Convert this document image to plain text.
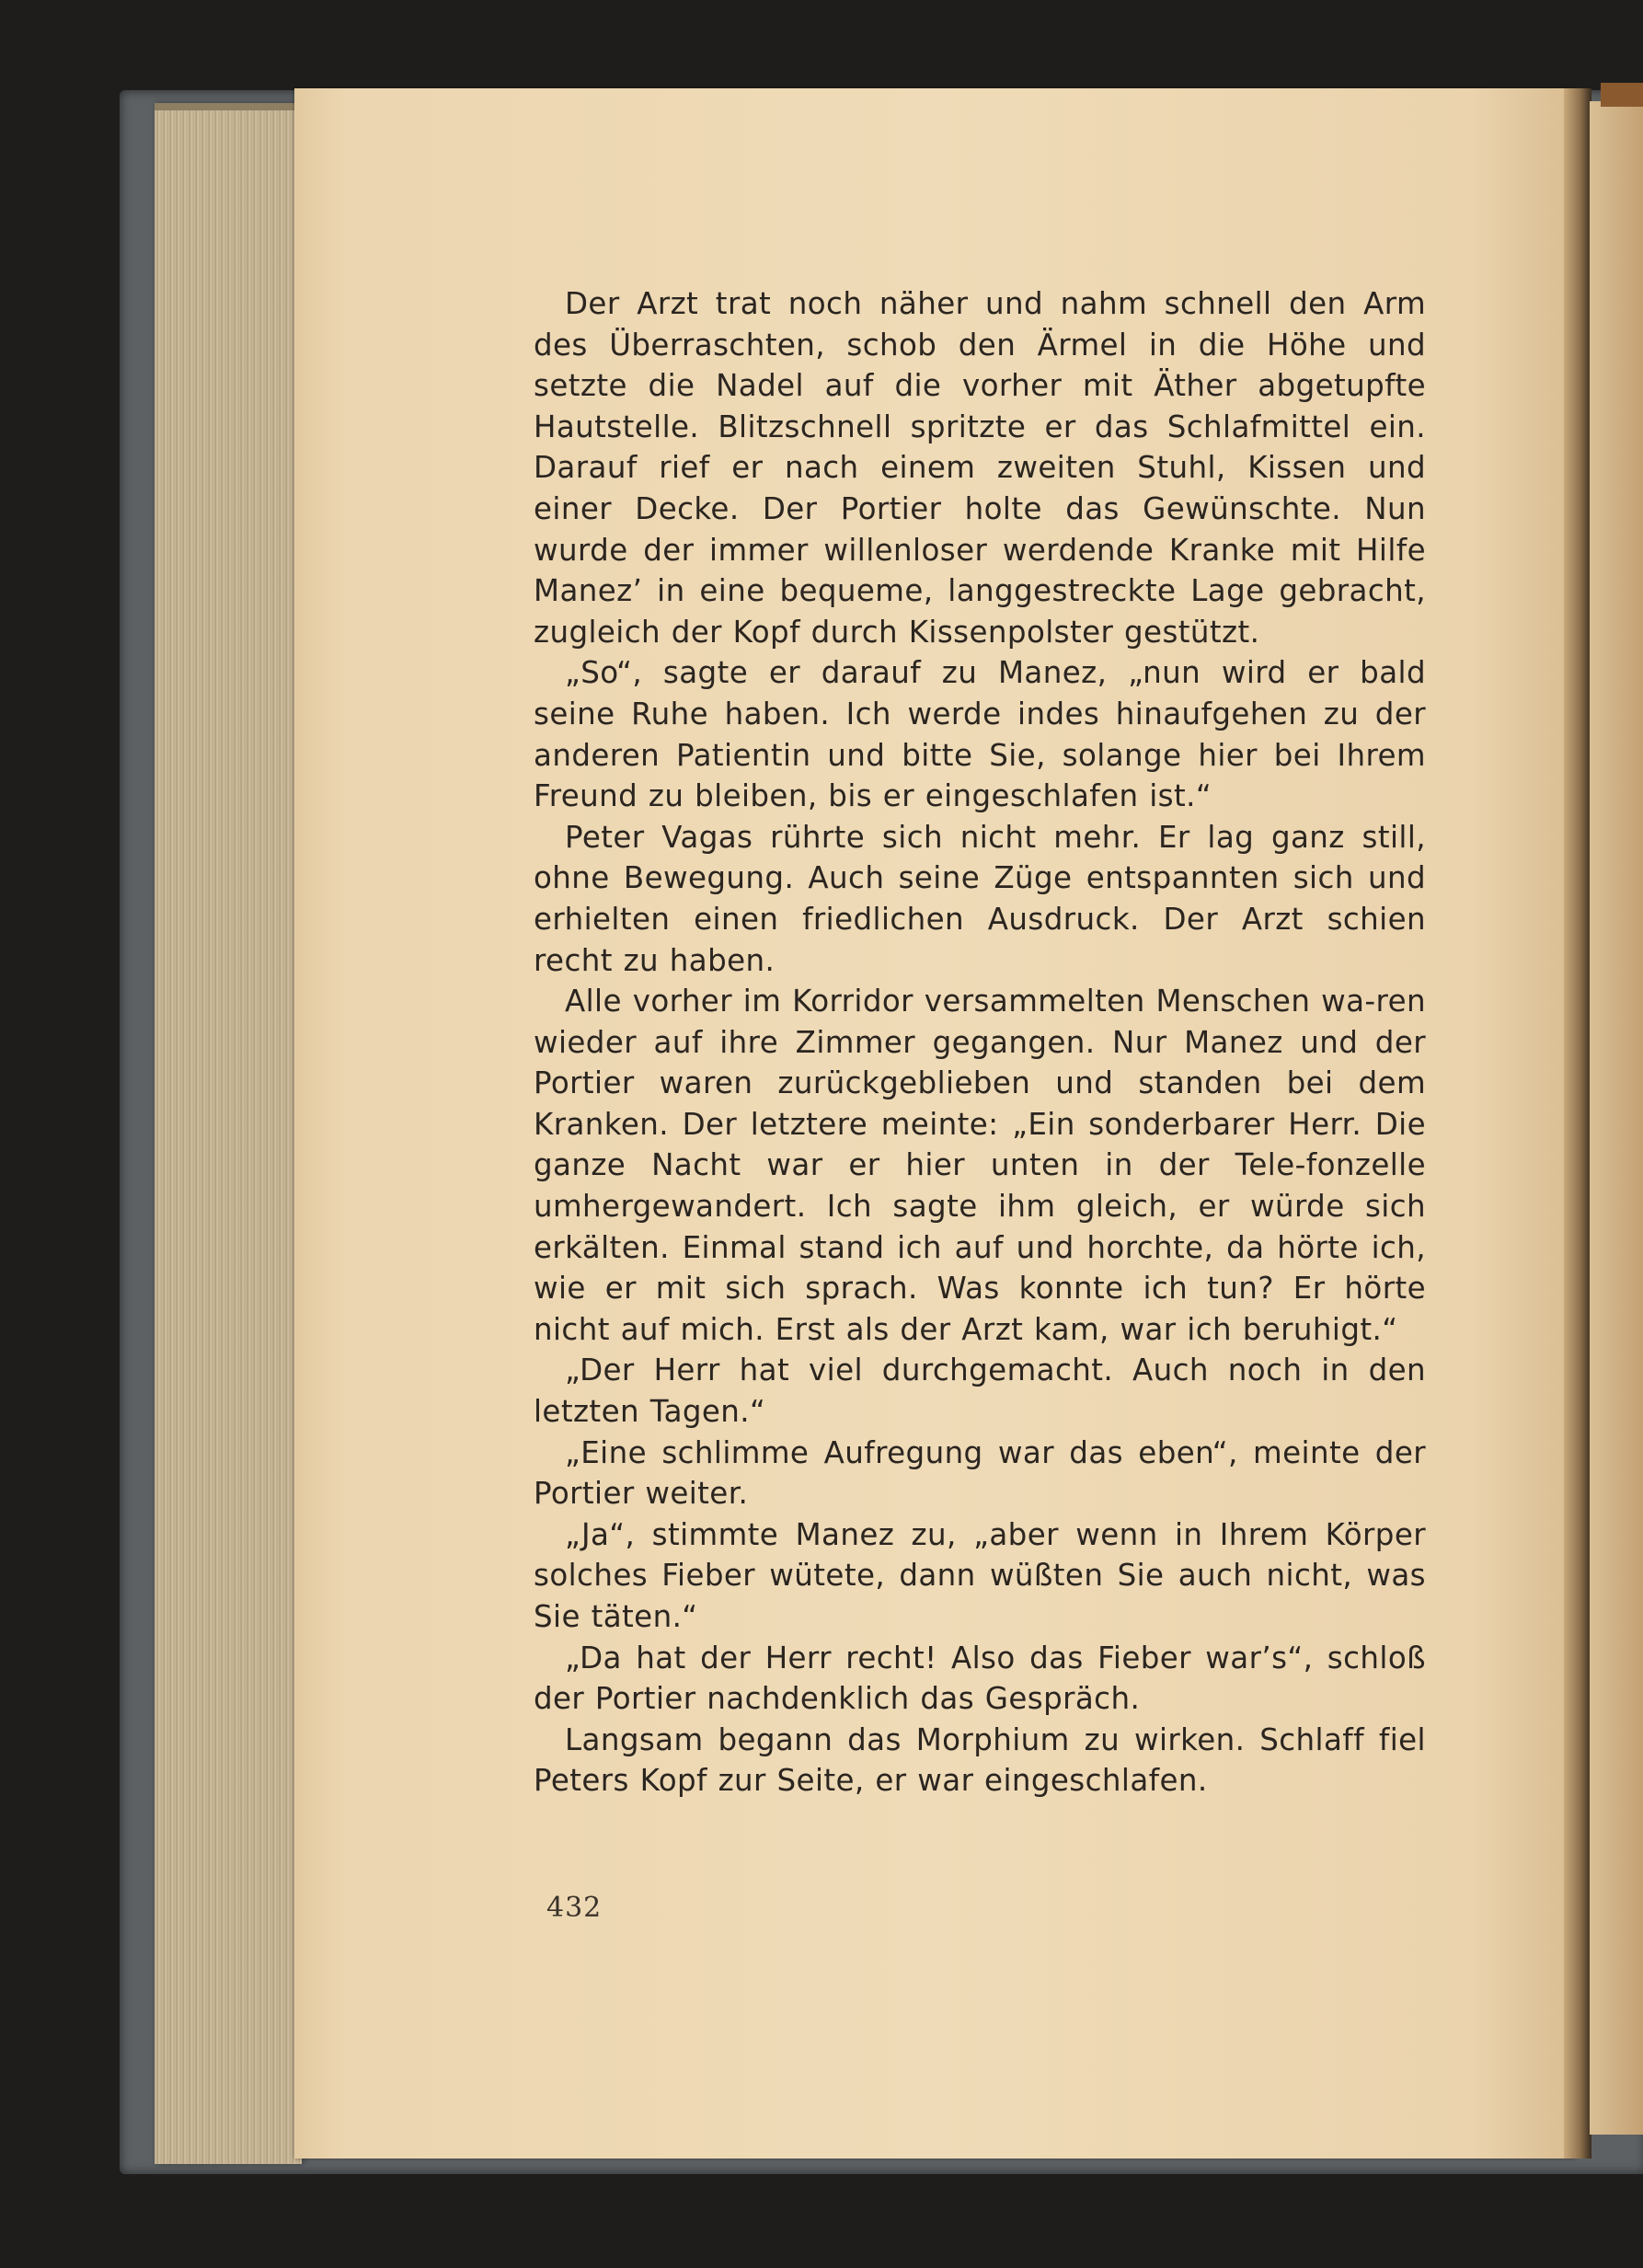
Der Arzt trat noch näher und nahm schnell den Arm des Überraschten, schob den Ärmel in die Höhe und setzte die Nadel auf die vorher mit Äther abgetupfte Hautstelle. Blitzschnell spritzte er das Schlafmittel ein. Darauf rief er nach einem zweiten Stuhl, Kissen und einer Decke. Der Portier holte das Gewünschte. Nun wurde der immer willenloser werdende Kranke mit Hilfe Manez’ in eine bequeme, langgestreckte Lage gebracht, zugleich der Kopf durch Kissenpolster gestützt.

„So“, sagte er darauf zu Manez, „nun wird er bald seine Ruhe haben. Ich werde indes hinaufgehen zu der anderen Patientin und bitte Sie, solange hier bei Ihrem Freund zu bleiben, bis er eingeschlafen ist.“

Peter Vagas rührte sich nicht mehr. Er lag ganz still, ohne Bewegung. Auch seine Züge entspannten sich und erhielten einen friedlichen Ausdruck. Der Arzt schien recht zu haben.

Alle vorher im Korridor versammelten Menschen wa-ren wieder auf ihre Zimmer gegangen. Nur Manez und der Portier waren zurückgeblieben und standen bei dem Kranken. Der letztere meinte: „Ein sonderbarer Herr. Die ganze Nacht war er hier unten in der Tele-fonzelle umhergewandert. Ich sagte ihm gleich, er würde sich erkälten. Einmal stand ich auf und horchte, da hörte ich, wie er mit sich sprach. Was konnte ich tun? Er hörte nicht auf mich. Erst als der Arzt kam, war ich beruhigt.“

„Der Herr hat viel durchgemacht. Auch noch in den letzten Tagen.“

„Eine schlimme Aufregung war das eben“, meinte der Portier weiter.

„Ja“, stimmte Manez zu, „aber wenn in Ihrem Körper solches Fieber wütete, dann wüßten Sie auch nicht, was Sie täten.“

„Da hat der Herr recht! Also das Fieber war’s“, schloß der Portier nachdenklich das Gespräch.

Langsam begann das Morphium zu wirken. Schlaff fiel Peters Kopf zur Seite, er war eingeschlafen.

432
